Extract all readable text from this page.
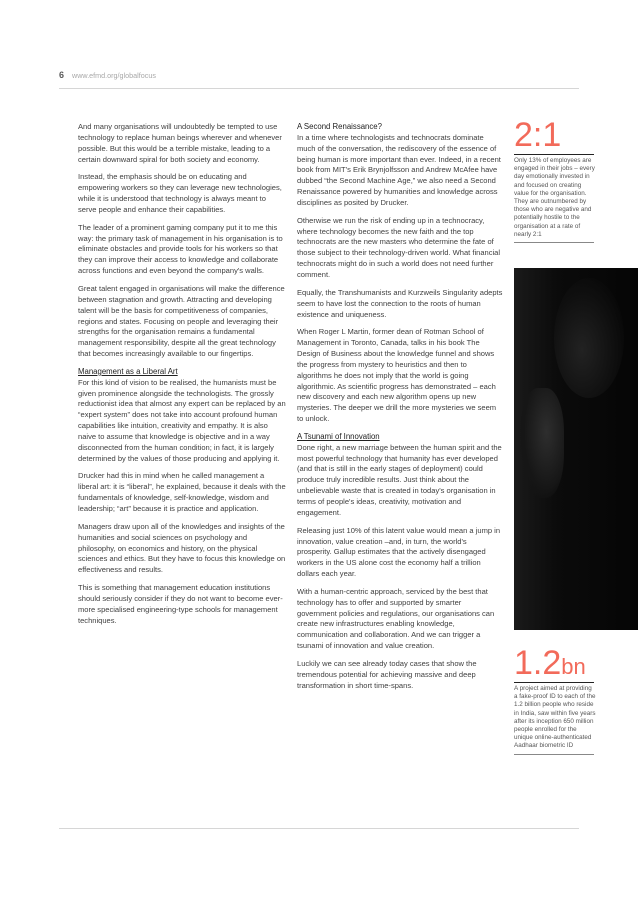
6 www.efmd.org/globalfocus

And many organisations will undoubtedly be tempted to use technology to replace human beings wherever and whenever possible. But this would be a terrible mistake, leading to a certain downward spiral for both society and economy.

Instead, the emphasis should be on educating and empowering workers so they can leverage new technologies, while it is understood that technology is always meant to serve people and enhance their capabilities.

The leader of a prominent gaming company put it to me this way: the primary task of management in his organisation is to eliminate obstacles and provide tools for his workers so that they can improve their access to knowledge and collaborate across functions and even beyond the company's walls.

Great talent engaged in organisations will make the difference between stagnation and growth. Attracting and developing talent will be the basis for competitiveness of companies, regions and states. Focusing on people and leveraging their strengths for the organisation remains a fundamental management responsibility, despite all the great technology that becomes increasingly available to our fingertips.

Management as a Liberal Art

For this kind of vision to be realised, the humanists must be given prominence alongside the technologists. The grossly reductionist idea that almost any expert can be replaced by an “expert system” does not take into account profound human capabilities like intuition, creativity and empathy. It is also naive to assume that knowledge is objective and in a way disconnected from the human condition; in fact, it is largely determined by the values of those producing and applying it.

Drucker had this in mind when he called management a liberal art: it is “liberal”, he explained, because it deals with the fundamentals of knowledge, self-knowledge, wisdom and leadership; “art” because it is practice and application.

Managers draw upon all of the knowledges and insights of the humanities and social sciences on psychology and philosophy, on economics and history, on the physical sciences and ethics. But they have to focus this knowledge on effectiveness and results.

This is something that management education institutions should seriously consider if they do not want to become ever-more specialised engineering-type schools for management techniques.

A Second Renaissance?

In a time where technologists and technocrats dominate much of the conversation, the rediscovery of the essence of being human is more important than ever. Indeed, in a recent book from MIT's Erik Brynjolfsson and Andrew McAfee have dubbed “the Second Machine Age,” we also need a Second Renaissance powered by humanities and knowledge across disciplines as posited by Drucker.

Otherwise we run the risk of ending up in a technocracy, where technology becomes the new faith and the top technocrats are the new masters who determine the fate of those subject to their technology-driven world. What financial technocrats might do in such a world does not need further comment.

Equally, the Transhumanists and Kurzweils Singularity adepts seem to have lost the connection to the roots of human existence and uniqueness.

When Roger L Martin, former dean of Rotman School of Management in Toronto, Canada, talks in his book The Design of Business about the knowledge funnel and shows the progress from mystery to heuristics and then to algorithms he does not imply that the world is going algorithmic. As scientific progress has demonstrated – each new discovery and each new algorithm opens up new mysteries. The deeper we drill the more mysteries we seem to unlock.

A Tsunami of Innovation

Done right, a new marriage between the human spirit and the most powerful technology that humanity has ever developed (and that is still in the early stages of deployment) could produce truly incredible results. Just think about the unbelievable waste that is created in today's organisation in terms of people's ideas, creativity, motivation and engagement.

Releasing just 10% of this latent value would mean a jump in innovation, value creation –and, in turn, the world's prosperity. Gallup estimates that the actively disengaged workers in the US alone cost the economy half a trillion dollars each year.

With a human-centric approach, serviced by the best that technology has to offer and supported by smarter government policies and regulations, our organisations can create new infrastructures enabling knowledge, communication and collaboration. And we can trigger a tsunami of innovation and value creation.

Luckily we can see already today cases that show the tremendous potential for achieving massive and deep transformation in short time-spans.

2:1
Only 13% of employees are engaged in their jobs – every day emotionally invested in and focused on creating value for the organisation. They are outnumbered by those who are negative and potentially hostile to the organisation at a rate of nearly 2:1
1.2bn
A project aimed at providing a fake-proof ID to each of the 1.2 billion people who reside in India, saw within five years after its inception 650 million people enrolled for the unique online-authenticated Aadhaar biometric ID
